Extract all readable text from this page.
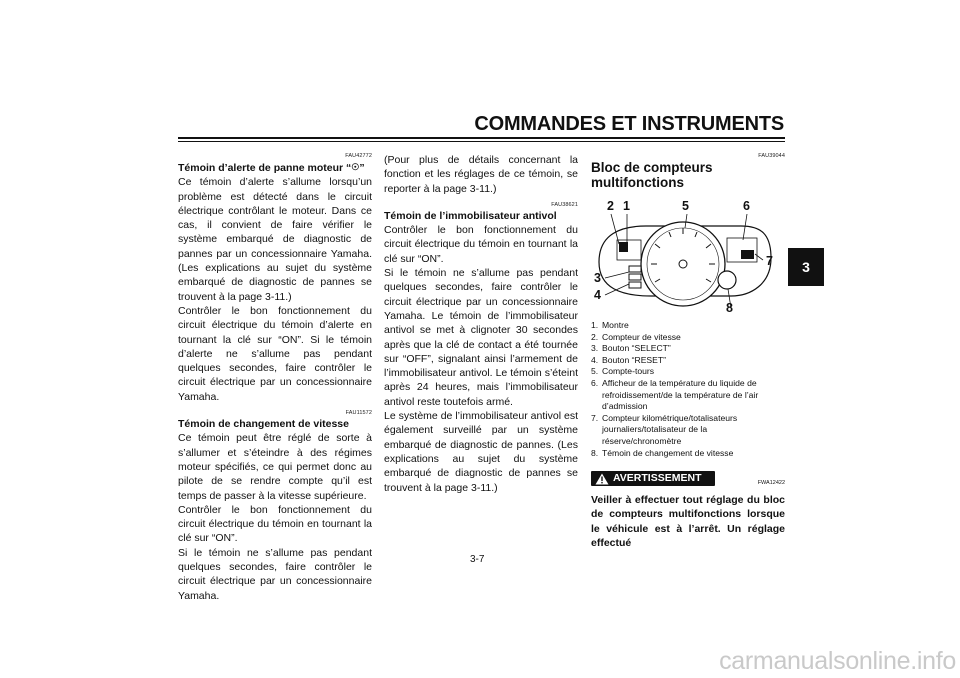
COMMANDES ET INSTRUMENTS

3
FAU42772

Témoin d’alerte de panne moteur “☉”

Ce témoin d’alerte s’allume lorsqu’un problème est détecté dans le circuit électrique contrôlant le moteur. Dans ce cas, il convient de faire vérifier le système embarqué de diagnostic de pannes par un concessionnaire Yamaha. (Les explications au sujet du système embarqué de diagnostic de pannes se trouvent à la page 3-11.)

Contrôler le bon fonctionnement du circuit électrique du témoin d’alerte en tournant la clé sur “ON”. Si le témoin d’alerte ne s’allume pas pendant quelques secondes, faire contrôler le circuit électrique par un concessionnaire Yamaha.

FAU11572

Témoin de changement de vitesse

Ce témoin peut être réglé de sorte à s’allumer et s’éteindre à des régimes moteur spécifiés, ce qui permet donc au pilote de se rendre compte qu’il est temps de passer à la vitesse supérieure.

Contrôler le bon fonctionnement du circuit électrique du témoin en tournant la clé sur “ON”.

Si le témoin ne s’allume pas pendant quelques secondes, faire contrôler le circuit électrique par un concessionnaire Yamaha.

(Pour plus de détails concernant la fonction et les réglages de ce témoin, se reporter à la page 3-11.)

FAU38621

Témoin de l’immobilisateur antivol

Contrôler le bon fonctionnement du circuit électrique du témoin en tournant la clé sur “ON”.

Si le témoin ne s’allume pas pendant quelques secondes, faire contrôler le circuit électrique par un concessionnaire Yamaha. Le témoin de l’immobilisateur antivol se met à clignoter 30 secondes après que la clé de contact a été tournée sur “OFF”, signalant ainsi l’armement de l’immobilisateur antivol. Le témoin s’éteint après 24 heures, mais l’immobilisateur antivol reste toutefois armé.

Le système de l’immobilisateur antivol est également surveillé par un système embarqué de diagnostic de pannes. (Les explications au sujet du système embarqué de diagnostic de pannes se trouvent à la page 3-11.)

FAU39044

Bloc de compteurs multifonctions

2 1	5	6
7
3
4
8
1. Montre
2. Compteur de vitesse
3. Bouton “SELECT”
4. Bouton “RESET”
5. Compte-tours
6. Afficheur de la température du liquide de refroidissement/de la température de l’air d’admission
7. Compteur kilométrique/totalisateurs journaliers/totalisateur de la réserve/chronomètre
8. Témoin de changement de vitesse
AVERTISSEMENT	FWA12422

Veiller à effectuer tout réglage du bloc de compteurs multifonctions lorsque le véhicule est à l’arrêt. Un réglage effectué

3-7

carmanualsonline.info
